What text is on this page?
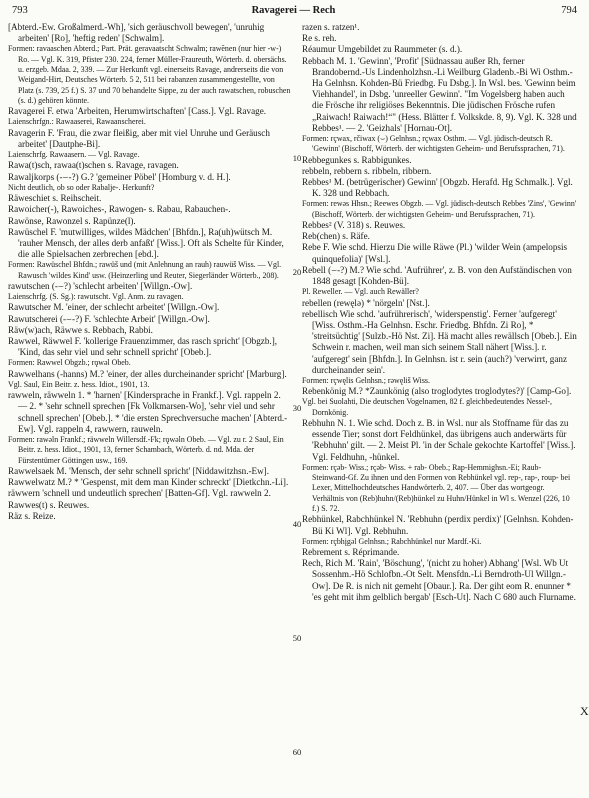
793	Ravagerei — Rech	794

[Abterd.-Ew. Großalmerd.-Wh], 'sich geräuschvoll bewegen', 'unruhig arbeiten' [Ro], 'heftig reden' [Schwalm].

Formen: ravaaschen Abterd.; Part. Prät. geravaatscht Schwalm; rawẽnen (nur hier -w-) Ro. — Vgl. K. 319, Pfister 230. 224, ferner Müller-Fraureuth, Wörterb. d. obersächs. u. erzgeb. Mdaa. 2, 339. — Zur Herkunft vgl. einerseits Ravage, andrerseits die von Weigand-Hirt, Deutsches Wörterb. 5 2, 511 bei rabanzen zusammengestellte, von Platz (s. 739, 25 f.) S. 37 und 70 behandelte Sippe, zu der auch rawatschen, robuschen (s. d.) gehören könnte.

Ravagerei F. etwa 'Arbeiten, Herumwirtschaften' [Cass.]. Vgl. Ravage.

Laienschrfgn.: Rawaaserei, Rawaanscherei.

Ravagerin F. 'Frau, die zwar fleißig, aber mit viel Unruhe und Geräusch arbeitet' [Dautphe-Bi].

Laienschrfg. Rawaasern. — Vgl. Ravage.

Rawa(t)sch, rawaa(t)schen s. Ravage, ravagen.

Rawaljkorps (-⌣-?) G.? 'gemeiner Pöbel' [Homburg v. d. H.].

Nicht deutlich, ob so oder Rabalje-. Herkunft?

Räweschiet s. Reihscheit.

Rawoicher(-), Rawoiches-, Rawogen- s. Rabau, Rabauchen-.

Rawönse, Rawonzel s. Rapünze(l).

Rawüschel F. 'mutwilliges, wildes Mädchen' [Bhfdn.], Ra(uh)wütsch M. 'rauher Mensch, der alles derb anfaßt' [Wiss.]. Oft als Schelte für Kinder, die alle Spielsachen zerbrechen [ebd.].

Formen: Rawüschel Bhfdn.; rawüš und (mit Anlehnung an rauh) rauwüš Wiss. — Vgl. Rawusch 'wildes Kind' usw. (Heinzerling und Reuter, Siegerländer Wörterb., 208).

rawutschen (-⌣?) 'schlecht arbeiten' [Willgn.-Ow].

Laienschrfg. (S. Sg.): rawutscht. Vgl. Anm. zu ravagen.

Rawutscher M. 'einer, der schlecht arbeitet' [Willgn.-Ow].

Rawutscherei (-⌣-?) F. 'schlechte Arbeit' [Willgn.-Ow].

Räw(w)ach, Räwwe s. Rebbach, Rabbi.

Rawwel, Räwwel F. 'kollerige Frauenzimmer, das rasch spricht' [Obgzb.], 'Kind, das sehr viel und sehr schnell spricht' [Obeb.].

Formen: Rawwel Obgzb.; rǫwǝl Obeb.

Rawwelhans (-hanns) M.? 'einer, der alles durcheinander spricht' [Marburg].

Vgl. Saul, Ein Beitr. z. hess. Idiot., 1901, 13.

rawweln, räwweln 1. * 'harnen' [Kindersprache in Frankf.]. Vgl. rappeln 2. — 2. * 'sehr schnell sprechen [Fk Volkmarsen-Wo], 'sehr viel und sehr schnell sprechen' [Obeb.]. * 'die ersten Sprechversuche machen' [Abterd.-Ew]. Vgl. rappeln 4, rawwern, rauweln.

Formen: rawǝln Frankf.; räwweln Willersdf.-Fk; rǫwǝln Obeb. — Vgl. zu r. 2 Saul, Ein Beitr. z. hess. Idiot., 1901, 13, ferner Schambach, Wörterb. d. nd. Mda. der Fürstentümer Göttingen usw., 169.

Rawwelsaek M. 'Mensch, der sehr schnell spricht' [Niddawitzhsn.-Ew].

Rawwelwatz M.? * 'Gespenst, mit dem man Kinder schreckt' [Dietkchn.-Li].

räwwern 'schnell und undeutlich sprechen' [Batten-Gf]. Vgl. rawweln 2.

Rawwes(t) s. Reuwes.

Räz s. Reize.

razen s. ratzen¹.

Re s. reh.

Réaumur Umgebildet zu Raummeter (s. d.).

Rebbach M. 1. 'Gewinn', 'Profit' [Südnassau außer Rh, ferner Brandobernd.-Us Lindenholzhsn.-Li Weilburg Gladenb.-Bi Wi Osthm.-Ha Gelnhsn. Kohden-Bü Friedbg. Fu Dsbg.]. In Wsl. bes. 'Gewinn beim Viehhandel', in Dsbg. 'unreeller Gewinn'. "Im Vogelsberg haben auch die Frösche ihr religiöses Bekenntnis. Die jüdischen Frösche rufen „Raiwach! Raiwach!“" (Hess. Blätter f. Volkskde. 8, 9). Vgl. K. 328 und Rebbes¹. — 2. 'Geizhals' [Hornau-Ot].

Formen: rçwax, rčiwax (⌣) Gelnhsn.; rçwax Osthm. — Vgl. jüdisch-deutsch R. 'Gewinn' (Bischoff, Wörterb. der wichtigsten Geheim- und Berufssprachen, 71).

Rebbegunkes s. Rabbigunkes.

rebbeln, rebbern s. ribbeln, ribbern.

Rebbes¹ M. (betrügerischer) Gewinn' [Obgzb. Herafd. Hg Schmalk.]. Vgl. K. 328 und Rebbach.

Formen: rewǝs Hhsn.; Reewes Obgzb. — Vgl. jüdisch-deutsch Rebbes 'Zins', 'Gewinn' (Bischoff, Wörterb. der wichtigsten Geheim- und Berufssprachen, 71).

Rebbes² (V. 318) s. Reuwes.

Reb(chen) s. Räfe.

Rebe F. Wie schd. Hierzu Die wille Räwe (Pl.) 'wilder Wein (ampelopsis quinquefolia)' [Wsl.].

Rebell (⌣-?) M.? Wie schd. 'Aufrührer', z. B. von den Aufständischen von 1848 gesagt [Kohden-Bü].

Pl. Reweller. — Vgl. auch Rewäller?

rebellen (rewęlǝ) * 'nörgeln' [Nst.].

rebellisch Wie schd. 'aufrührerisch', 'widerspenstig'. Ferner 'aufgeregt' [Wiss. Osthm.-Ha Gelnhsn. Eschr. Friedbg. Bhfdn. Zi Ro], * 'streitsüchtig' [Sulzb.-Hö Nst. Zi]. Hä macht alles rewällsch [Obeb.]. Ein Schwein r. machen, weil man sich seinem Stall nähert [Wiss.]. r. 'aufgeregt' sein [Bhfdn.]. In Gelnhsn. ist r. sein (auch?) 'verwirrt, ganz durcheinander sein'.

Formen: rçwęlis Gelnhsn.; rǝwęliš Wiss.

Rebenkönig M.? *Zaunkönig (also troglodytes troglodytes?)' [Camp-Go].

Vgl. bei Suolahti, Die deutschen Vogelnamen, 82 f. gleichbedeutendes Nessel-, Dornkönig.

Rebhuhn N. 1. Wie schd. Doch z. B. in Wsl. nur als Stoffname für das zu essende Tier; sonst dort Feldhünkel, das übrigens auch anderwärts für 'Rebhuhn' gilt. — 2. Meist Pl. 'in der Schale gekochte Kartoffel' [Wiss.]. Vgl. Feldhuhn, -hünkel.

Formen: rçǝb- Wiss.; rçǝb- Wiss. + rab- Obeb.; Rap-Hemmighsn.-Ei; Raub- Steinwand-Gf. Zu ihnen und den Formen von Rebhünkel vgl. rep-, rap-, roup- bei Lexer, Mittelhochdeutsches Handwörterb. 2, 407. — Über das wortgeogr. Verhältnis von (Reb)huhn/(Reb)hünkel zu Huhn/Hünkel in Wl s. Wenzel (226, 10 f.) S. 72.

Rebhünkel, Rabchhünkel N. 'Rebhuhn (perdix perdix)' [Gelnhsn. Kohden-Bü Ki Wl]. Vgl. Rebhuhn.

Formen: rçbhįgǝl Gelnhsn.; Rabchhünkel nur Mardf.-Ki.

Rebrement s. Réprimande.

Rech, Rich M. 'Rain', 'Böschung', '(nicht zu hoher) Abhang' [Wsl. Wb Ut Sossenhm.-Hö Schlofbn.-Ot Selt. Mensfdn.-Li Berndroth-Ul Willgn.-Ow]. De R. is nich nit gemeht [Obaur.]. Ra. Der giht eom R. enunner * 'es geht mit ihm gelblich bergab' [Esch-Ut]. Nach C 680 auch Flurname.

10
20
30
40
50
60
X
